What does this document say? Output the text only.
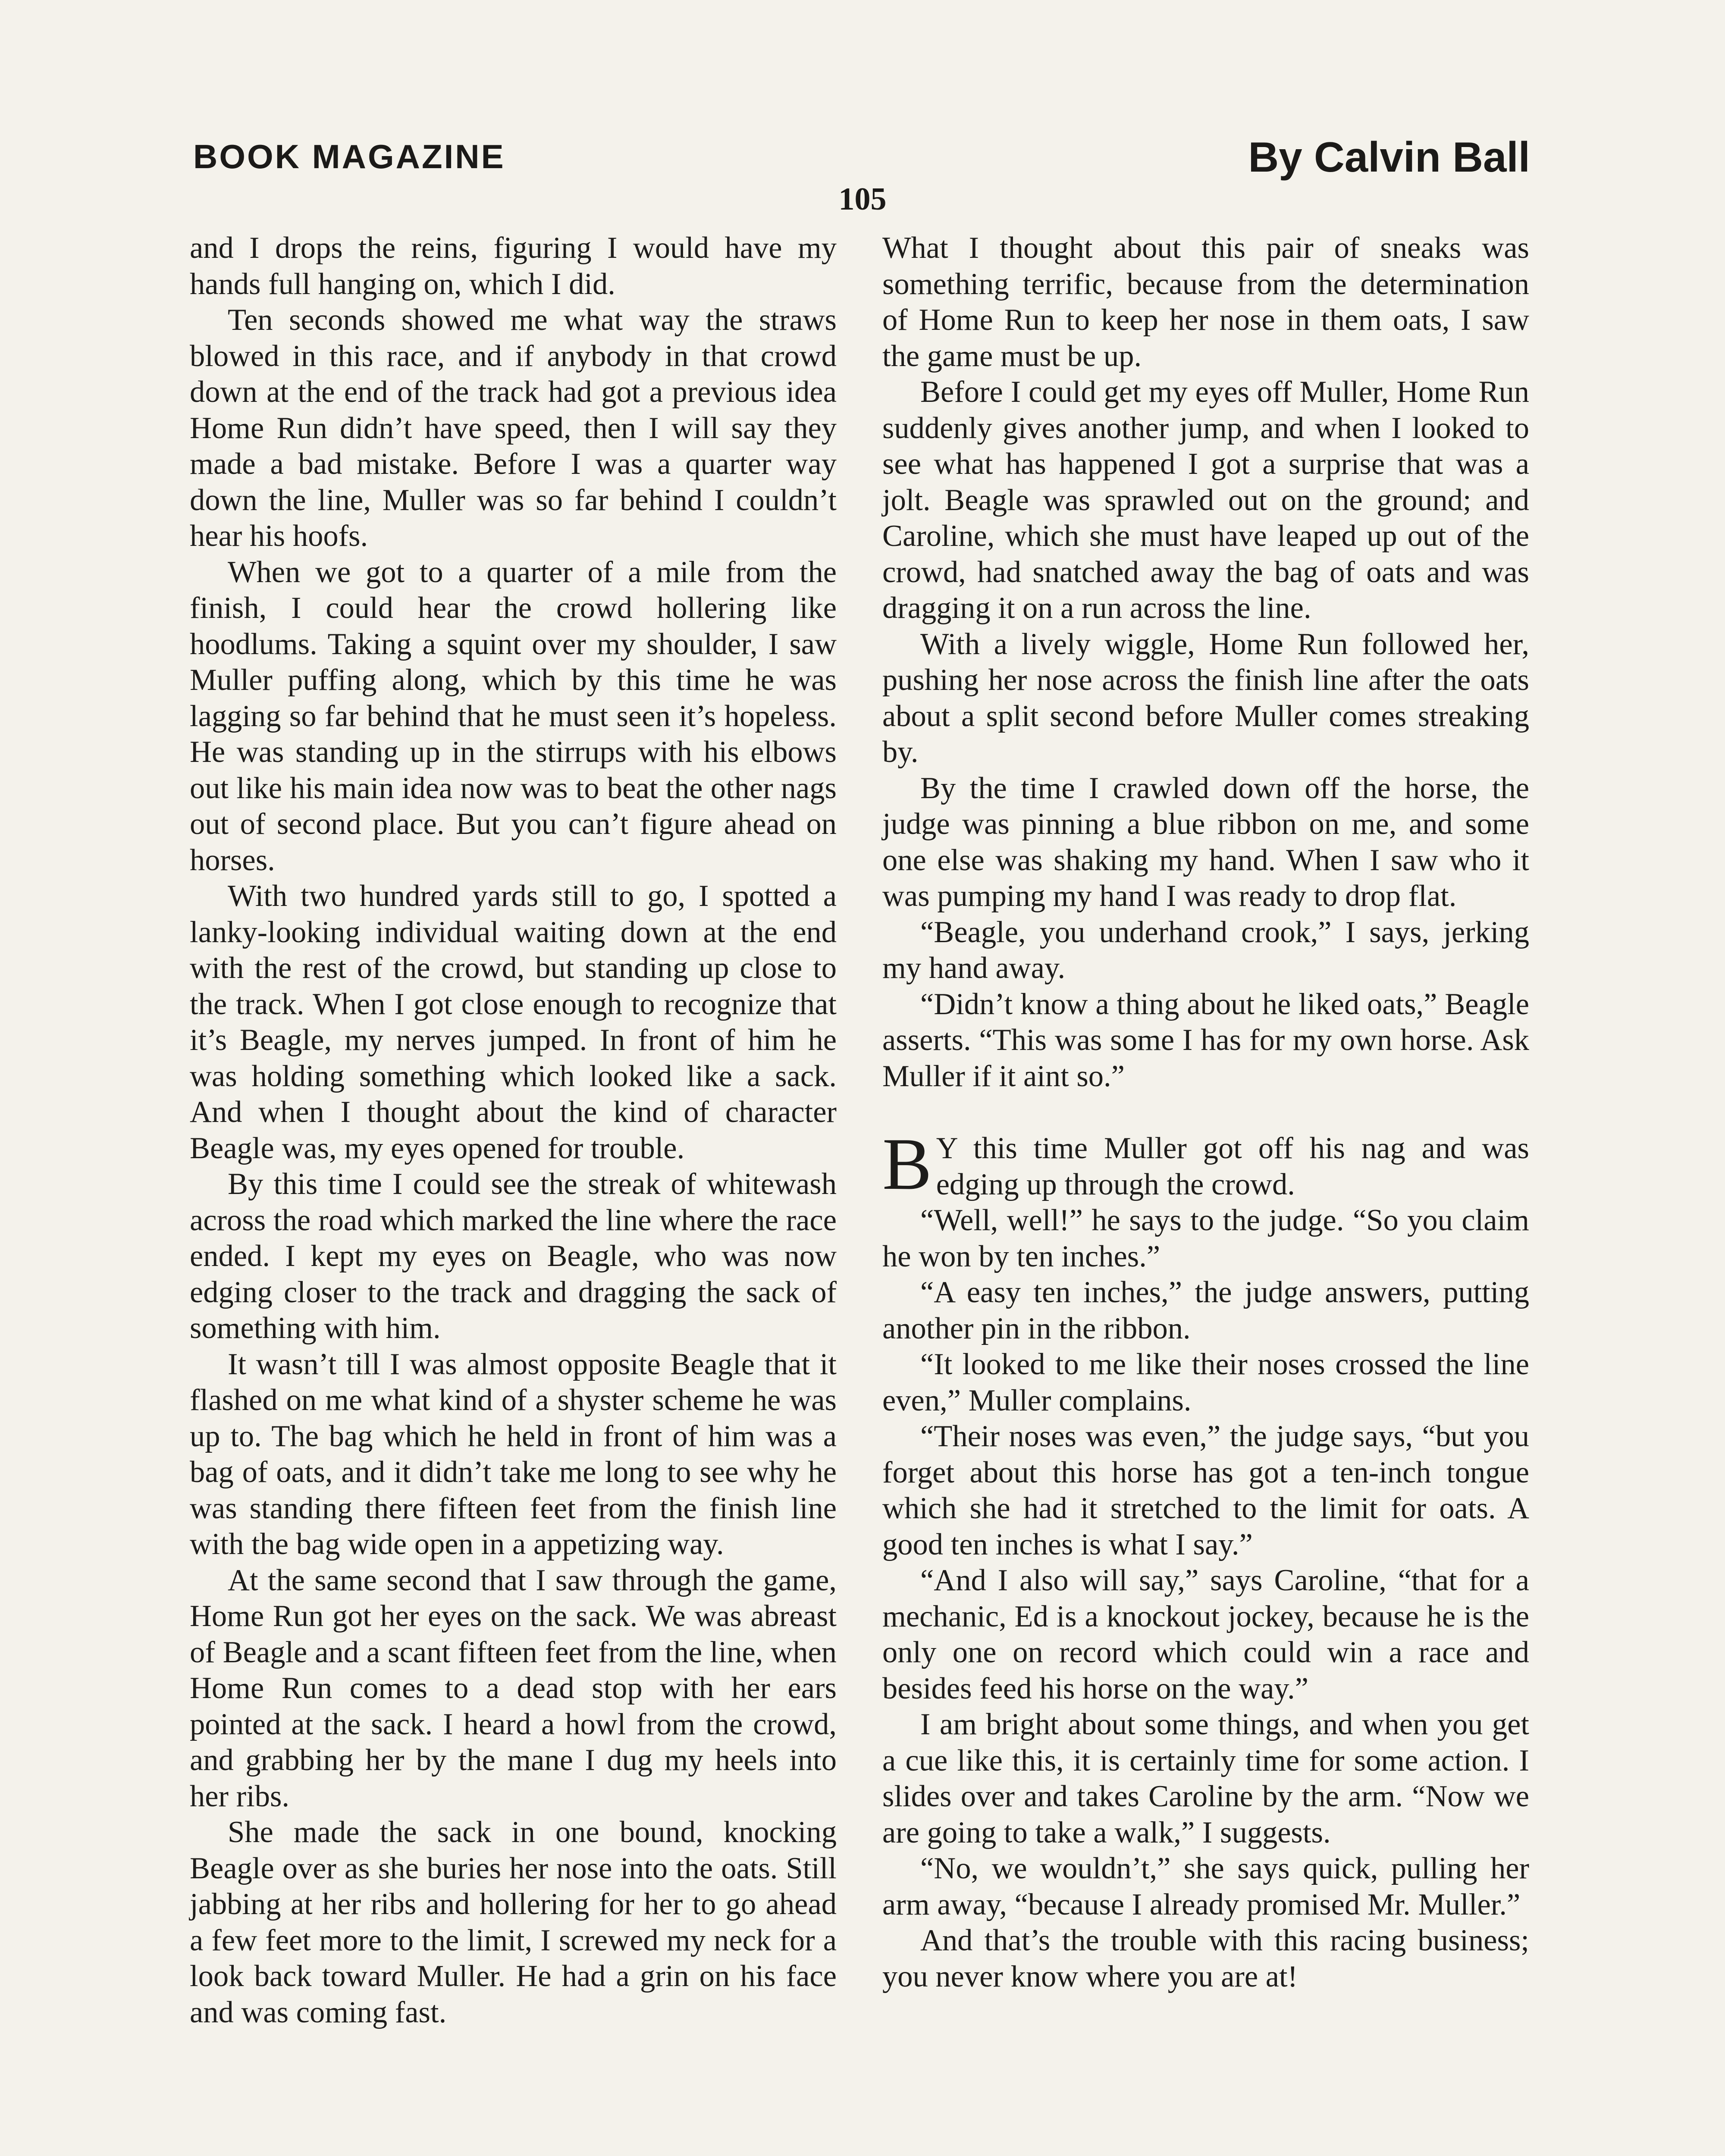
BOOK MAGAZINE	By Calvin Ball
105

and I drops the reins, figuring I would have my hands full hanging on, which I did.

Ten seconds showed me what way the straws blowed in this race, and if anybody in that crowd down at the end of the track had got a previous idea Home Run didn’t have speed, then I will say they made a bad mistake. Before I was a quarter way down the line, Muller was so far behind I couldn’t hear his hoofs.

When we got to a quarter of a mile from the finish, I could hear the crowd hollering like hoodlums. Taking a squint over my shoulder, I saw Muller puffing along, which by this time he was lagging so far behind that he must seen it’s hopeless. He was standing up in the stirrups with his elbows out like his main idea now was to beat the other nags out of second place. But you can’t figure ahead on horses.

With two hundred yards still to go, I spotted a lanky-looking individual waiting down at the end with the rest of the crowd, but standing up close to the track. When I got close enough to recognize that it’s Beagle, my nerves jumped. In front of him he was holding something which looked like a sack. And when I thought about the kind of character Beagle was, my eyes opened for trouble.

By this time I could see the streak of whitewash across the road which marked the line where the race ended. I kept my eyes on Beagle, who was now edging closer to the track and dragging the sack of something with him.

It wasn’t till I was almost opposite Beagle that it flashed on me what kind of a shyster scheme he was up to. The bag which he held in front of him was a bag of oats, and it didn’t take me long to see why he was standing there fifteen feet from the finish line with the bag wide open in a appetizing way.

At the same second that I saw through the game, Home Run got her eyes on the sack. We was abreast of Beagle and a scant fifteen feet from the line, when Home Run comes to a dead stop with her ears pointed at the sack. I heard a howl from the crowd, and grabbing her by the mane I dug my heels into her ribs.

She made the sack in one bound, knocking Beagle over as she buries her nose into the oats. Still jabbing at her ribs and hollering for her to go ahead a few feet more to the limit, I screwed my neck for a look back toward Muller. He had a grin on his face and was coming fast.

What I thought about this pair of sneaks was something terrific, because from the determination of Home Run to keep her nose in them oats, I saw the game must be up.

Before I could get my eyes off Muller, Home Run suddenly gives another jump, and when I looked to see what has happened I got a surprise that was a jolt. Beagle was sprawled out on the ground; and Caroline, which she must have leaped up out of the crowd, had snatched away the bag of oats and was dragging it on a run across the line.

With a lively wiggle, Home Run followed her, pushing her nose across the finish line after the oats about a split second before Muller comes streaking by.

By the time I crawled down off the horse, the judge was pinning a blue ribbon on me, and some one else was shaking my hand. When I saw who it was pumping my hand I was ready to drop flat.

“Beagle, you underhand crook,” I says, jerking my hand away.

“Didn’t know a thing about he liked oats,” Beagle asserts. “This was some I has for my own horse. Ask Muller if it aint so.”

B Y this time Muller got off his nag and was edging up through the crowd.

“Well, well!” he says to the judge. “So you claim he won by ten inches.”

“A easy ten inches,” the judge answers, putting another pin in the ribbon.

“It looked to me like their noses crossed the line even,” Muller complains.

“Their noses was even,” the judge says, “but you forget about this horse has got a ten-inch tongue which she had it stretched to the limit for oats. A good ten inches is what I say.”

“And I also will say,” says Caroline, “that for a mechanic, Ed is a knockout jockey, because he is the only one on record which could win a race and besides feed his horse on the way.”

I am bright about some things, and when you get a cue like this, it is certainly time for some action. I slides over and takes Caroline by the arm. “Now we are going to take a walk,” I suggests.

“No, we wouldn’t,” she says quick, pulling her arm away, “because I already promised Mr. Muller.”

And that’s the trouble with this racing business; you never know where you are at!
